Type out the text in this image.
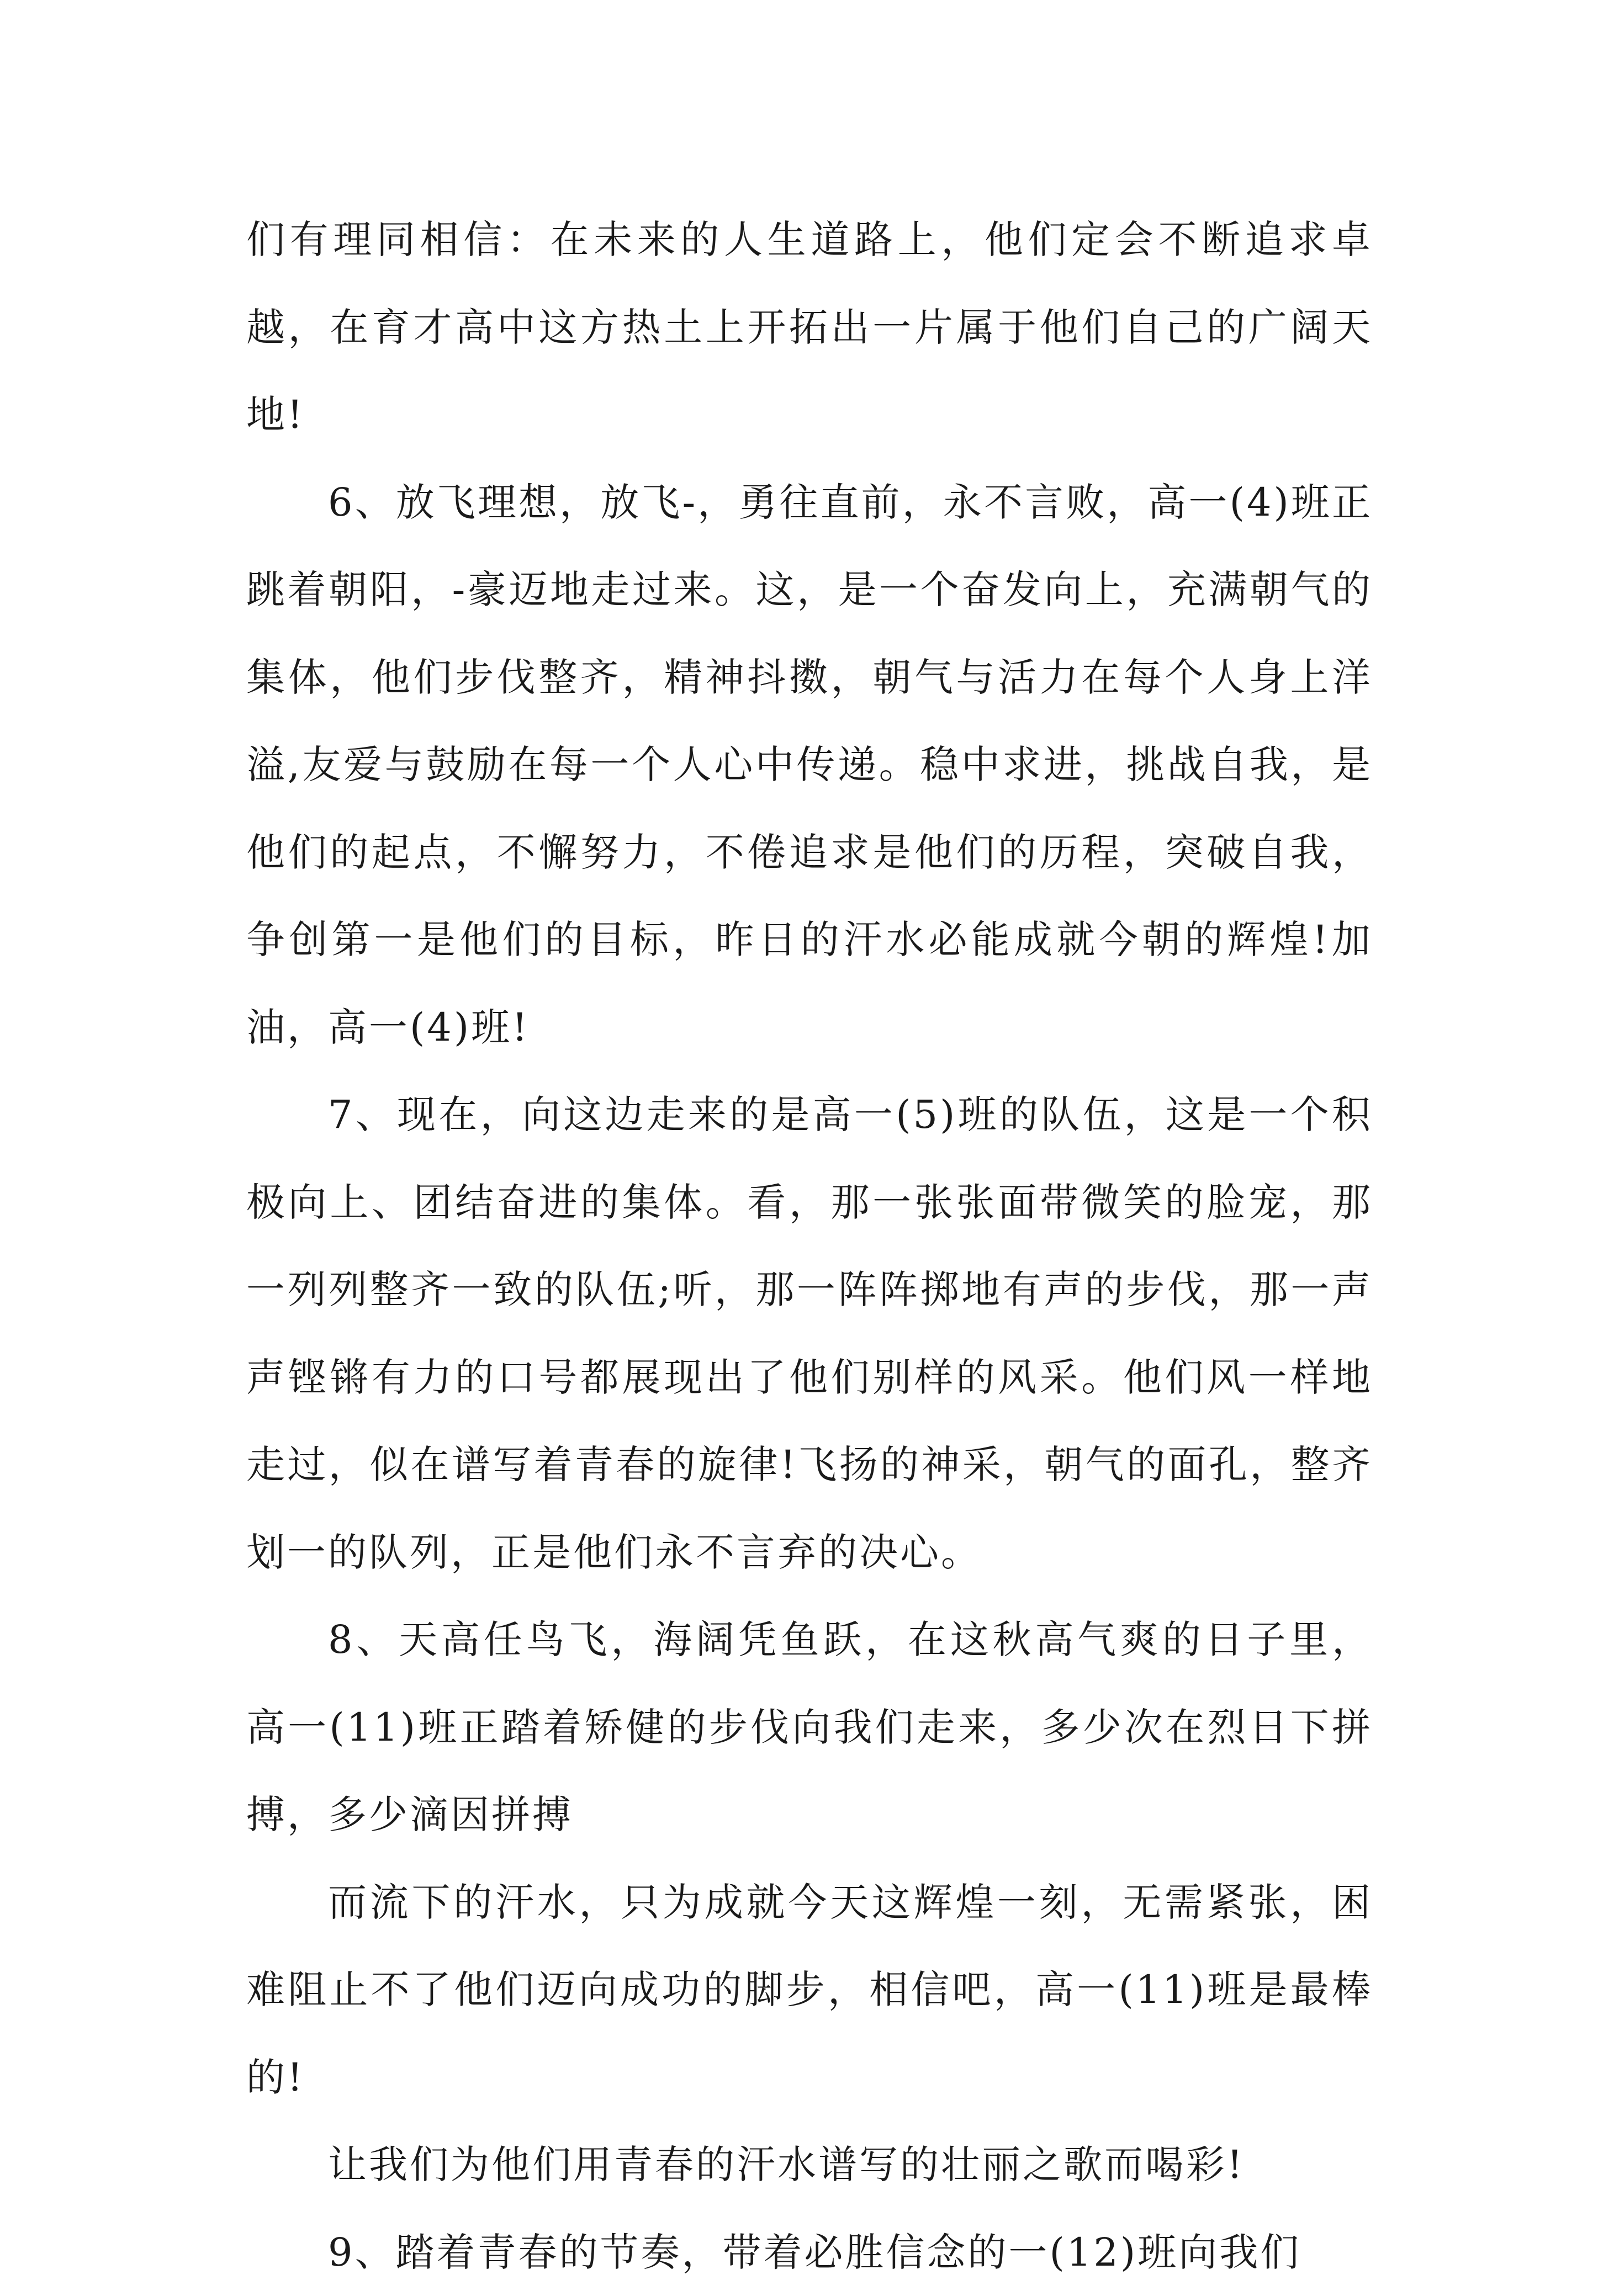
们有理同相信：在未来的人生道路上，他们定会不断追求卓越，在育才高中这方热土上开拓出一片属于他们自己的广阔天地!

6、放飞理想，放飞-，勇往直前，永不言败，高一(4)班正跳着朝阳，-豪迈地走过来。这，是一个奋发向上，充满朝气的集体，他们步伐整齐，精神抖擞，朝气与活力在每个人身上洋溢,友爱与鼓励在每一个人心中传递。稳中求进，挑战自我，是他们的起点，不懈努力，不倦追求是他们的历程，突破自我，争创第一是他们的目标，昨日的汗水必能成就今朝的辉煌!加油，高一(4)班!

7、现在，向这边走来的是高一(5)班的队伍，这是一个积极向上、团结奋进的集体。看，那一张张面带微笑的脸宠，那一列列整齐一致的队伍;听，那一阵阵掷地有声的步伐，那一声声铿锵有力的口号都展现出了他们别样的风采。他们风一样地走过，似在谱写着青春的旋律!飞扬的神采，朝气的面孔，整齐划一的队列，正是他们永不言弃的决心。

8、天高任鸟飞，海阔凭鱼跃，在这秋高气爽的日子里，高一(11)班正踏着矫健的步伐向我们走来，多少次在烈日下拼搏，多少滴因拼搏

而流下的汗水，只为成就今天这辉煌一刻，无需紧张，困难阻止不了他们迈向成功的脚步，相信吧，高一(11)班是最棒的!

让我们为他们用青春的汗水谱写的壮丽之歌而喝彩!

9、踏着青春的节奏，带着必胜信念的一(12)班向我们
